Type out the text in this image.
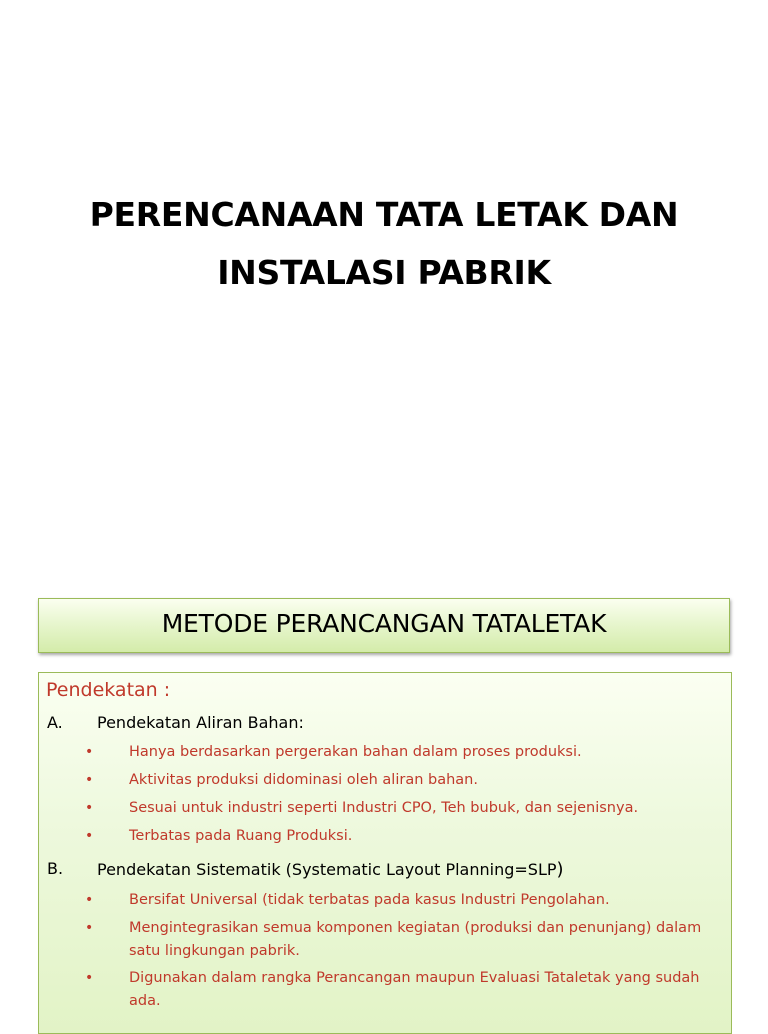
PERENCANAAN TATA LETAK DAN
INSTALASI PABRIK
METODE PERANCANGAN TATALETAK
Pendekatan :
A. Pendekatan Aliran Bahan:
• Hanya berdasarkan pergerakan bahan dalam proses produksi.
• Aktivitas produksi didominasi oleh aliran bahan.
• Sesuai untuk industri seperti Industri CPO, Teh bubuk, dan sejenisnya.
• Terbatas pada Ruang Produksi.
B. Pendekatan Sistematik (Systematic Layout Planning=SLP)
• Bersifat Universal (tidak terbatas pada kasus Industri Pengolahan.
• Mengintegrasikan semua komponen kegiatan (produksi dan penunjang) dalam satu lingkungan pabrik.
• Digunakan dalam rangka Perancangan maupun Evaluasi Tataletak yang sudah ada.
